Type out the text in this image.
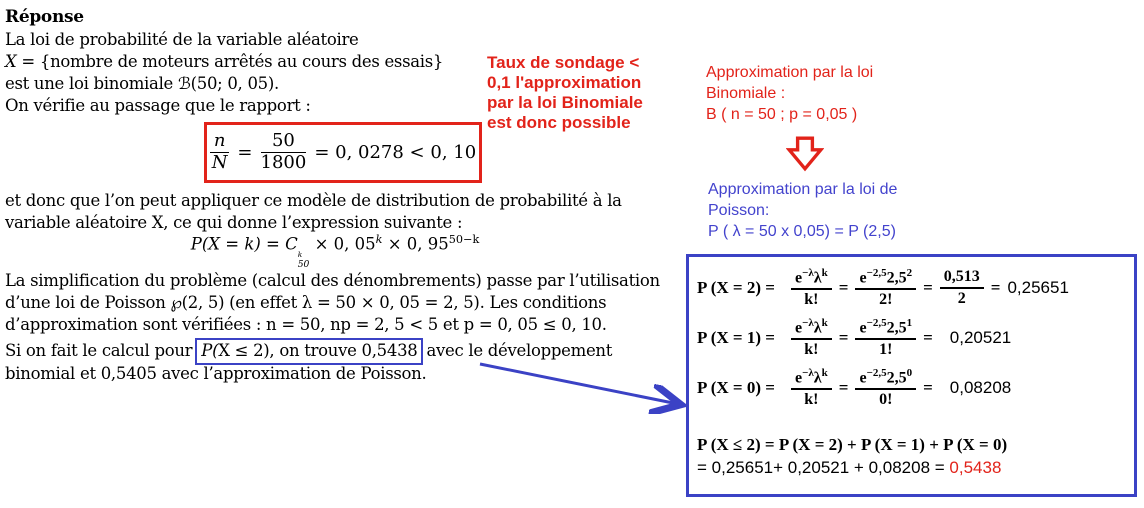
Réponse
La loi de probabilité de la variable aléatoire
X = {nombre de moteurs arrêtés au cours des essais}
est une loi binomiale ℬ(50; 0, 05).
On vérifie au passage que le rapport :
$\frac{n}{N} = \frac{50}{1800} = 0$, 0278 < 0, 10
et donc que l’on peut appliquer ce modèle de distribution de probabilité à la
variable aléatoire X, ce qui donne l’expression suivante :
P(X = k) = C
k
50
× 0, $05^k \times 0$, $95^{50-k}$
La simplification du problème (calcul des dénombrements) passe par l’utilisation
d’une loi de Poisson ℘(2, 5) (en effet λ = 50 × 0, 05 = 2, 5). Les conditions
d’approximation sont vérifiées : n = 50, np = 2, 5 < 5 et p = 0, 05 ≤ 0, 10.
Si on fait le calcul pour P(X ≤ 2), on trouve 0,5438 avec le développement
binomial et 0,5405 avec l’approximation de Poisson.
Taux de sondage <
0,1 l'approximation
par la loi Binomiale
est donc possible
Approximation par la loi
Binomiale :
B ( n = 50 ; p = 0,05 )
Approximation par la loi de
Poisson:
P ( λ = 50 x 0,05) = P (2,5)
P (X = 2) =	$\frac{e^{-\lambda}\lambda^k}{k!} = \frac{e^{-2,5}2,5^2}{2!} = \frac{0,513}{2} = 0,25651$
P (X = 1) =	$\frac{e^{-\lambda}\lambda^k}{k!} = \frac{e^{-2,5}2,5^1}{1!}$ =	0,20521
P (X = 0) =	$\frac{e^{-\lambda}\lambda^k}{k!} = \frac{e^{-2,5}2,5^0}{0!}$ =	0,08208
P (X ≤ 2) = P (X = 2) + P (X = 1) + P (X = 0)
= 0,25651+ 0,20521 + 0,08208 = 0,5438
